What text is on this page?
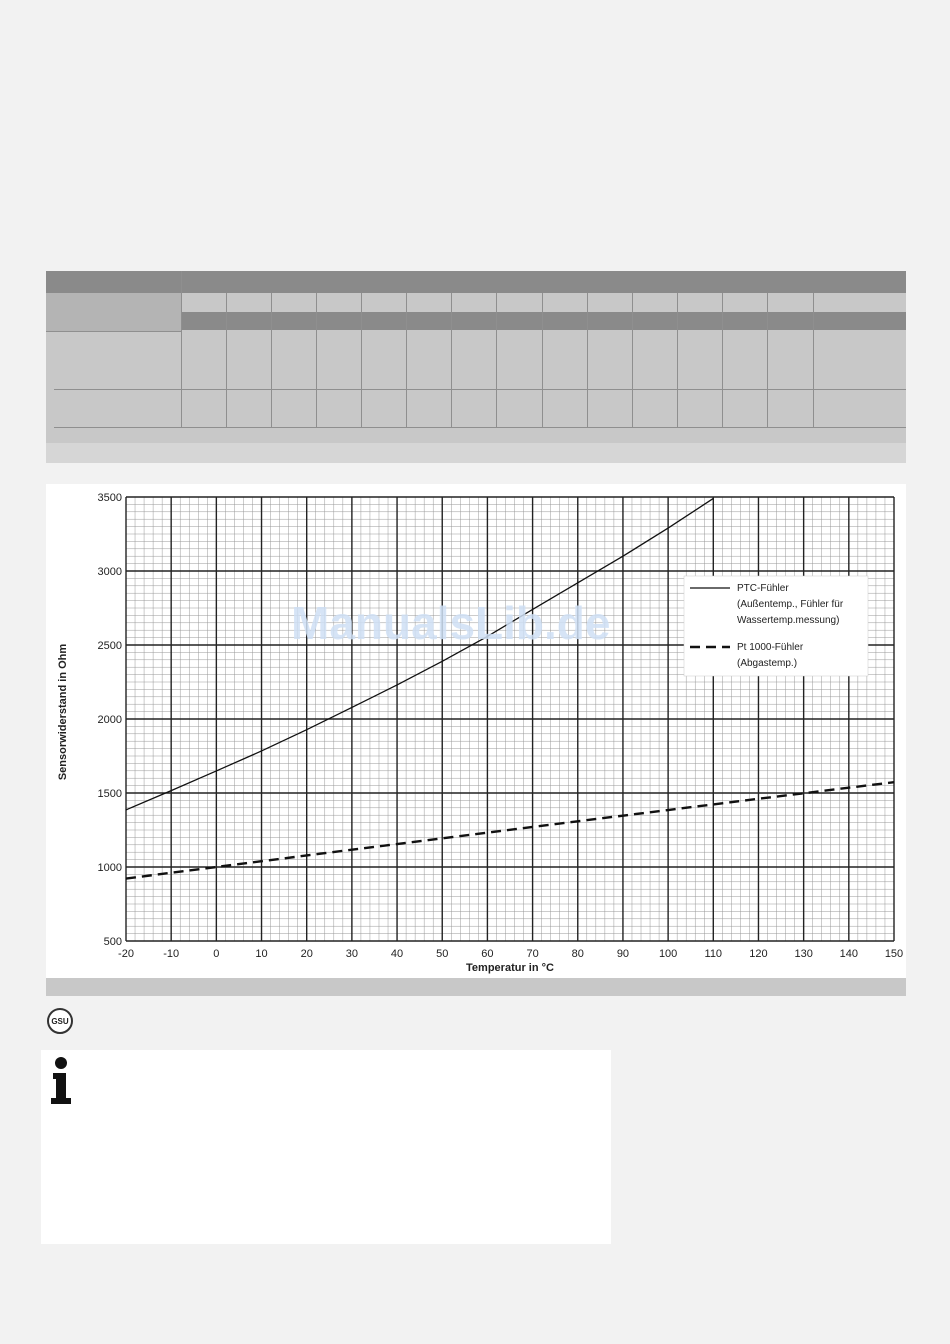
-20	-10	0	10	20	30	40	50	60	70	80	90	100 110 120 130 140 150
500
1000
1500
2000
2500
3000
3500
ManualsLib.de
PTC-Fühler
(Außentemp., Fühler für
Wassertemp.messung)
Pt 1000-Fühler
(Abgastemp.)
Temperatur in °C
Sensorwiderstand in Ohm
GSU
